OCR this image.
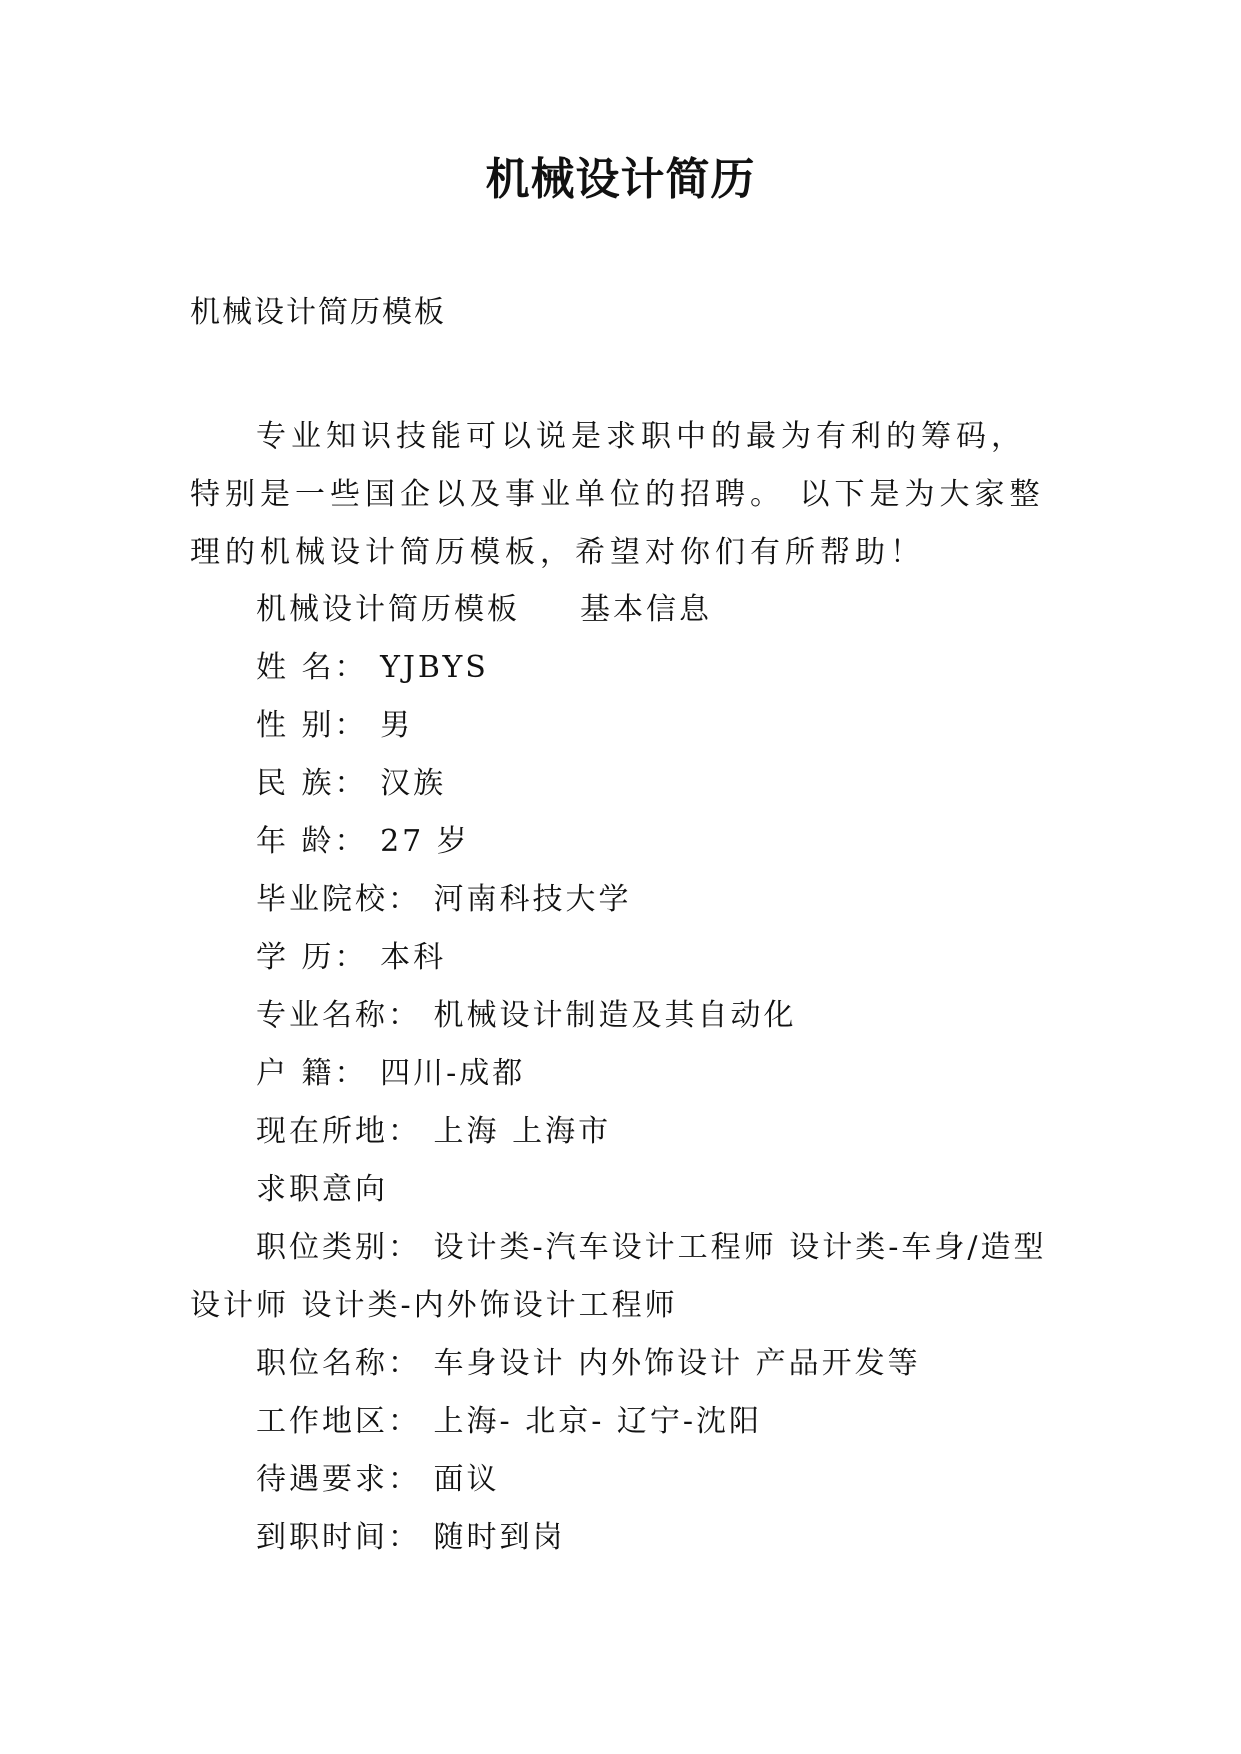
机械设计简历
机械设计简历模板

专业知识技能可以说是求职中的最为有利的筹码，特别是一些国企以及事业单位的招聘。 以下是为大家整理的机械设计简历模板，希望对你们有所帮助！

机械设计简历模板 基本信息
姓 名： YJBYS
性 别： 男
民 族： 汉族
年 龄： 27 岁
毕业院校： 河南科技大学
学 历： 本科
专业名称： 机械设计制造及其自动化
户 籍： 四川-成都
现在所地： 上海 上海市
求职意向

职位类别： 设计类-汽车设计工程师 设计类-车身/造型设计师 设计类-内外饰设计工程师

职位名称： 车身设计 内外饰设计 产品开发等
工作地区： 上海- 北京- 辽宁-沈阳
待遇要求： 面议
到职时间： 随时到岗
